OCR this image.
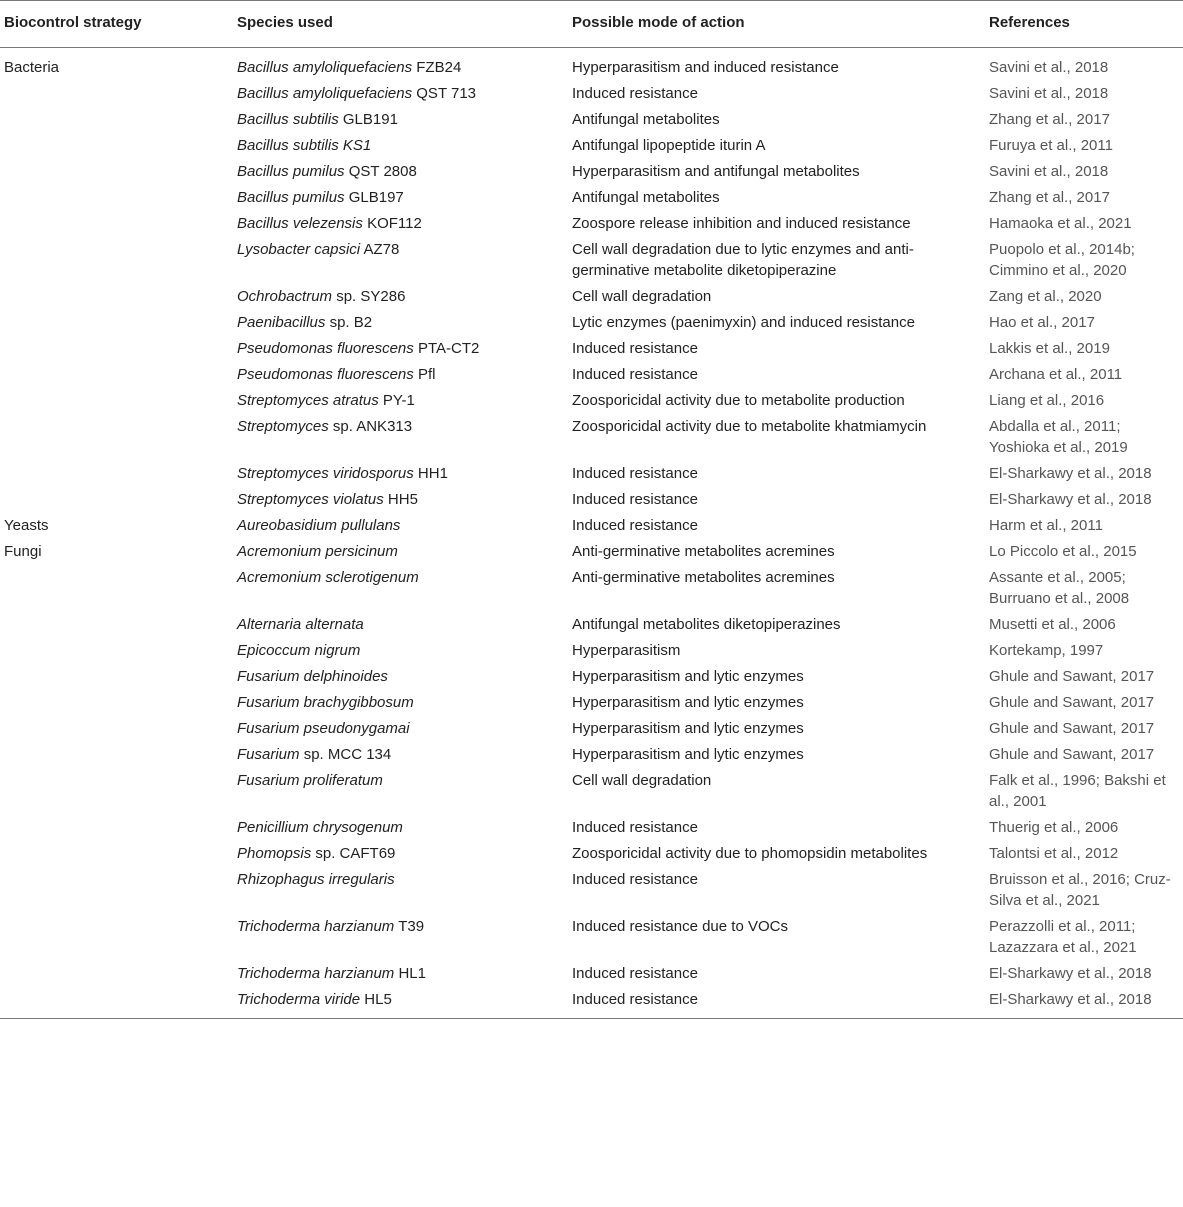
Biocontrol strategy	Species used	Possible mode of action	References
Bacteria	Bacillus amyloliquefaciens FZB24	Hyperparasitism and induced resistance	Savini et al., 2018
	Bacillus amyloliquefaciens QST 713	Induced resistance	Savini et al., 2018
	Bacillus subtilis GLB191	Antifungal metabolites	Zhang et al., 2017
	Bacillus subtilis KS1	Antifungal lipopeptide iturin A	Furuya et al., 2011
	Bacillus pumilus QST 2808	Hyperparasitism and antifungal metabolites	Savini et al., 2018
	Bacillus pumilus GLB197	Antifungal metabolites	Zhang et al., 2017
	Bacillus velezensis KOF112	Zoospore release inhibition and induced resistance	Hamaoka et al., 2021
	Lysobacter capsici AZ78	Cell wall degradation due to lytic enzymes and anti-germinative metabolite diketopiperazine	Puopolo et al., 2014b; Cimmino et al., 2020
	Ochrobactrum sp. SY286	Cell wall degradation	Zang et al., 2020
	Paenibacillus sp. B2	Lytic enzymes (paenimyxin) and induced resistance	Hao et al., 2017
	Pseudomonas fluorescens PTA-CT2	Induced resistance	Lakkis et al., 2019
	Pseudomonas fluorescens Pfl	Induced resistance	Archana et al., 2011
	Streptomyces atratus PY-1	Zoosporicidal activity due to metabolite production	Liang et al., 2016
	Streptomyces sp. ANK313	Zoosporicidal activity due to metabolite khatmiamycin	Abdalla et al., 2011; Yoshioka et al., 2019
	Streptomyces viridosporus HH1	Induced resistance	El-Sharkawy et al., 2018
	Streptomyces violatus HH5	Induced resistance	El-Sharkawy et al., 2018
Yeasts	Aureobasidium pullulans	Induced resistance	Harm et al., 2011
Fungi	Acremonium persicinum	Anti-germinative metabolites acremines	Lo Piccolo et al., 2015
	Acremonium sclerotigenum	Anti-germinative metabolites acremines	Assante et al., 2005; Burruano et al., 2008
	Alternaria alternata	Antifungal metabolites diketopiperazines	Musetti et al., 2006
	Epicoccum nigrum	Hyperparasitism	Kortekamp, 1997
	Fusarium delphinoides	Hyperparasitism and lytic enzymes	Ghule and Sawant, 2017
	Fusarium brachygibbosum	Hyperparasitism and lytic enzymes	Ghule and Sawant, 2017
	Fusarium pseudonygamai	Hyperparasitism and lytic enzymes	Ghule and Sawant, 2017
	Fusarium sp. MCC 134	Hyperparasitism and lytic enzymes	Ghule and Sawant, 2017
	Fusarium proliferatum	Cell wall degradation	Falk et al., 1996; Bakshi et al., 2001
	Penicillium chrysogenum	Induced resistance	Thuerig et al., 2006
	Phomopsis sp. CAFT69	Zoosporicidal activity due to phomopsidin metabolites	Talontsi et al., 2012
	Rhizophagus irregularis	Induced resistance	Bruisson et al., 2016; Cruz-Silva et al., 2021
	Trichoderma harzianum T39	Induced resistance due to VOCs	Perazzolli et al., 2011; Lazazzara et al., 2021
	Trichoderma harzianum HL1	Induced resistance	El-Sharkawy et al., 2018
	Trichoderma viride HL5	Induced resistance	El-Sharkawy et al., 2018
